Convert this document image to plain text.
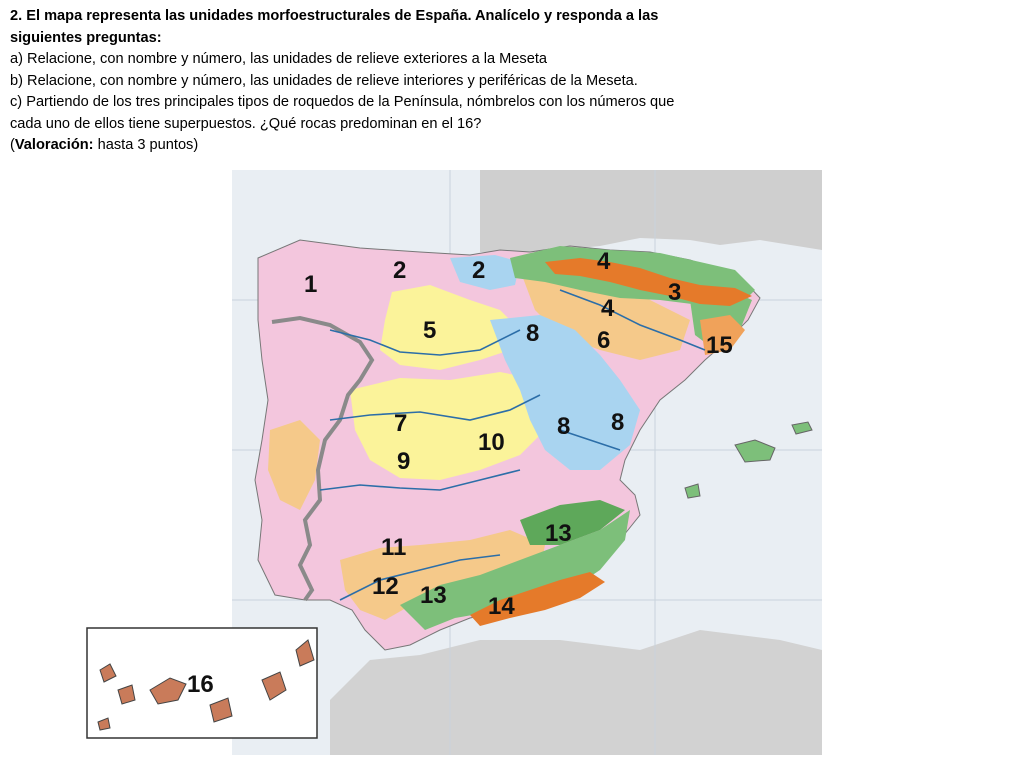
2. El mapa representa las unidades morfoestructurales de España. Analícelo y responda a las siguientes preguntas:

a) Relacione, con nombre y número, las unidades de relieve exteriores a la Meseta

b) Relacione, con nombre y número, las unidades de relieve interiores y periféricas de la Meseta.

c) Partiendo de los tres principales tipos de roquedos de la Península, nómbrelos con los números que cada uno de ellos tiene superpuestos. ¿Qué rocas predominan en el 16?

(Valoración: hasta 3 puntos)

1
2	2	4
3
4
5	8 6	15
7	8 8
10
9
13
11
12 13 14
16
